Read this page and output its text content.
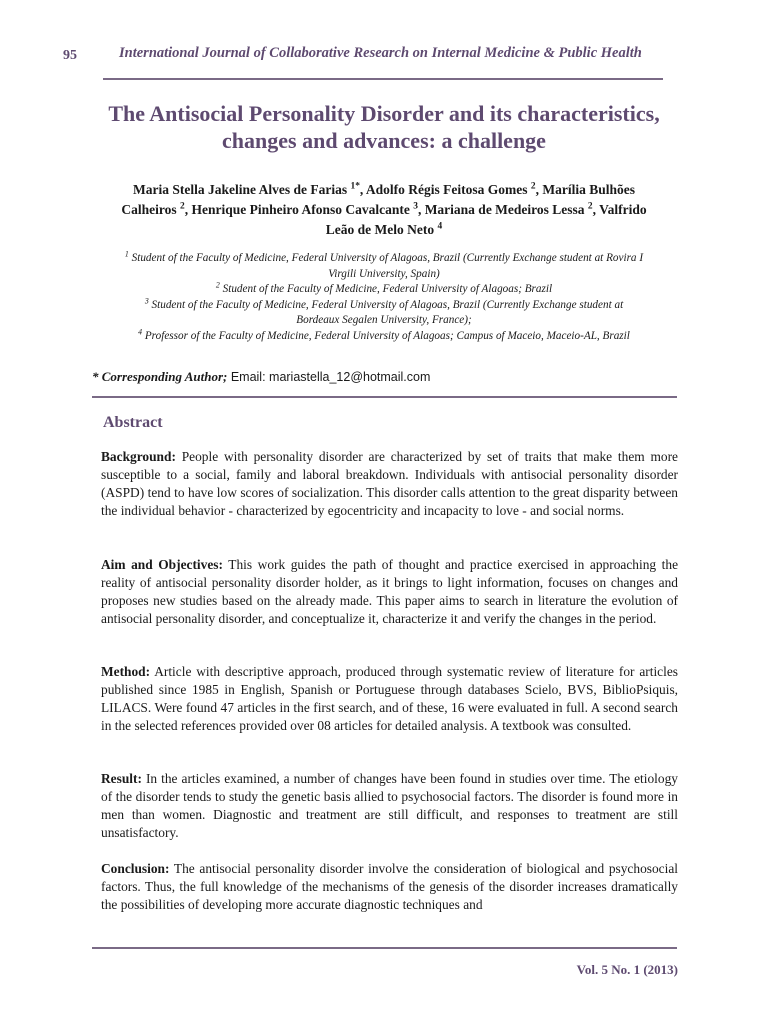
95	International Journal of Collaborative Research on Internal Medicine & Public Health
The Antisocial Personality Disorder and its characteristics,
changes and advances: a challenge
Maria Stella Jakeline Alves de Farias $^{1*}$, Adolfo Régis Feitosa Gomes $^2$, Marília Bulhões
Calheiros $^2$, Henrique Pinheiro Afonso Cavalcante $^3$, Mariana de Medeiros Lessa $^2$, Valfrido
Leão de Melo Neto $^4$
$^1$ Student of the Faculty of Medicine, Federal University of Alagoas, Brazil (Currently Exchange student at Rovira I
Virgili University, Spain)
$^2$ Student of the Faculty of Medicine, Federal University of Alagoas; Brazil
$^3$ Student of the Faculty of Medicine, Federal University of Alagoas, Brazil (Currently Exchange student at
Bordeaux Segalen University, France);
$^4$ Professor of the Faculty of Medicine, Federal University of Alagoas; Campus of Maceio, Maceio-AL, Brazil
* Corresponding Author; Email: mariastella_12@hotmail.com
Abstract
Background: People with personality disorder are characterized by set of traits that make them more susceptible to a social, family and laboral breakdown. Individuals with antisocial personality disorder (ASPD) tend to have low scores of socialization. This disorder calls attention to the great disparity between the individual behavior - characterized by egocentricity and incapacity to love - and social norms.
Aim and Objectives: This work guides the path of thought and practice exercised in approaching the reality of antisocial personality disorder holder, as it brings to light information, focuses on changes and proposes new studies based on the already made. This paper aims to search in literature the evolution of antisocial personality disorder, and conceptualize it, characterize it and verify the changes in the period.
Method: Article with descriptive approach, produced through systematic review of literature for articles published since 1985 in English, Spanish or Portuguese through databases Scielo, BVS, BiblioPsiquis, LILACS. Were found 47 articles in the first search, and of these, 16 were evaluated in full. A second search in the selected references provided over 08 articles for detailed analysis. A textbook was consulted.
Result: In the articles examined, a number of changes have been found in studies over time. The etiology of the disorder tends to study the genetic basis allied to psychosocial factors. The disorder is found more in men than women. Diagnostic and treatment are still difficult, and responses to treatment are still unsatisfactory.
Conclusion: The antisocial personality disorder involve the consideration of biological and psychosocial factors. Thus, the full knowledge of the mechanisms of the genesis of the disorder increases dramatically the possibilities of developing more accurate diagnostic techniques and
Vol. 5 No. 1 (2013)
